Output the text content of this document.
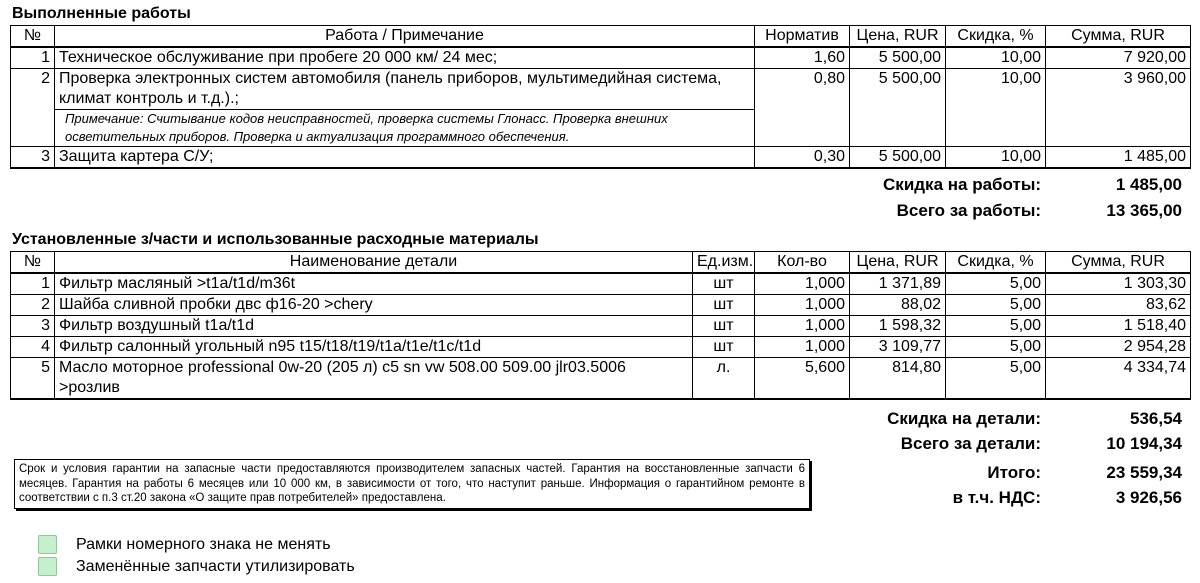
Выполненные работы
№	Работа / Примечание	Норматив	Цена, RUR	Скидка, %	Сумма, RUR
1	Техническое обслуживание при пробеге 20 000 км/ 24 мес;	1,60	5 500,00	10,00	7 920,00
2	Проверка электронных систем автомобиля (панель приборов, мультимедийная система, климат контроль и т.д.).;	0,80	5 500,00	10,00	3 960,00
	Примечание: Считывание кодов неисправностей, проверка системы Глонасс. Проверка внешних осветительных приборов. Проверка и актуализация программного обеспечения.				
3	Защита картера С/У;	0,30	5 500,00	10,00	1 485,00
Скидка на работы:	1 485,00
Всего за работы:	13 365,00
Установленные з/части и использованные расходные материалы
№	Наименование детали	Ед.изм.	Кол-во	Цена, RUR	Скидка, %	Сумма, RUR
1	Фильтр масляный >t1a/t1d/m36t	шт	1,000	1 371,89	5,00	1 303,30
2	Шайба сливной пробки двс ф16-20 >chery	шт	1,000	88,02	5,00	83,62
3	Фильтр воздушный t1a/t1d	шт	1,000	1 598,32	5,00	1 518,40
4	Фильтр салонный угольный n95 t15/t18/t19/t1a/t1e/t1c/t1d	шт	1,000	3 109,77	5,00	2 954,28
5	Масло моторное professional 0w-20 (205 л) c5 sn vw 508.00 509.00 jlr03.5006 >розлив	л.	5,600	814,80	5,00	4 334,74
Скидка на детали:	536,54
Всего за детали:	10 194,34
Срок и условия гарантии на запасные части предоставляются производителем запасных частей. Гарантия на восстановленные запчасти 6 месяцев. Гарантия на работы 6 месяцев или 10 000 км, в зависимости от того, что наступит раньше. Информация о гарантийном ремонте в соответствии с п.3 ст.20 закона «О защите прав потребителей» предоставлена.
Итого:	23 559,34
в т.ч. НДС:	3 926,56
Рамки номерного знака не менять
Заменённые запчасти утилизировать
